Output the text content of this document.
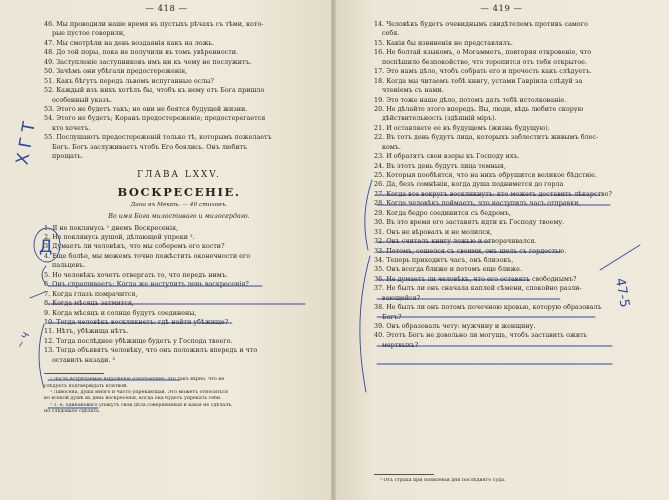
— 418 —
46. Мы проводили наше время въ пустыхъ рѣчахъ съ тѣми, кото-
рые пустое говорили,
47. Мы смотрѣли на день воздаянія какъ на ложь.
48. До той поры, пока не получили въ томъ увѣренности.
49. Заступленіе заступниковъ имъ ни къ чему не послужитъ.
50. Зачѣмъ они убѣгали предостереженія,
51. Какъ бѣгутъ передъ львомъ испуганные ослы?
52. Каждый изъ нихъ хотѣлъ бы, чтобъ къ нему отъ Бога пришло
особенный указъ.
53. Этого не будетъ такъ; но они не боятся будущей жизни.
54. Этого не будетъ; Коранъ предостереженіе; предостерегается
кто хочетъ.
55. Послушаютъ предостереженій только тѣ, которымъ пожелаетъ
Богъ. Богъ заслуживаетъ чтобъ Его боялись. Онъ любитъ
прощать.
ГЛАВА LXXV.
ВОСКРЕСЕНІЕ.
Дана въ Меккѣ. — 40 стиховъ.
Во имя Бога милостиваго и милосердаго.
1. Я не поклянусь ¹ днемъ Воскресенія,
2. Не поклянусь душой, дѣлающей упреки ².
3. Думаетъ ли человѣкъ, что мы соберемъ его кости?
4. Еще болѣе, мы можемъ точно пожѣстить оконечности его
пальцевъ.
5. Но человѣкъ хочетъ отвергать то, что передъ нимъ.
6. Онъ спрашиваетъ: Когда же наступитъ день воскресенія?
7. Когда глазъ помрачится,
8. Когда мѣсяцъ затмится,
9. Когда мѣсяцъ и солнце будутъ соединены,
10. Тогда человѣкъ воскликнетъ: гдѣ найти убѣжище?
11. Нѣтъ, убѣжища нѣтъ.
12. Тогда послѣднее убѣжище будетъ у Господа твоего.
13. Тогда объявятъ человѣку, что онъ положилъ впередъ и что
оставилъ назади. ³
¹ Часто встрѣчаемое выраженіе означающее: это такъ вѣрно, что не
слѣдуетъ подтверждать клятвой.
² Лавосена, душа много и часто упрекающая. Это можетъ относиться
ко всякой душѣ въ день воскресенія, когда она будетъ упрекать себя.
³ Т. е. одинаковаго упакутъ свои дѣла совершенныя и какія не сдѣлалъ,
но слѣдовало сдѣлать.
— 419 —
14. Человѣкъ будетъ очевиднымъ свидѣтелемъ противъ самого
себя.
15. Какія бы извиненія не представлялъ.
16. Не болтай языкомъ, о Могамметъ, повторяя откровеніе, что
поспѣшило безпокойство, что торопится отъ тебя открытое.
17. Это намъ дѣло, чтобъ собрать его и прочесть какъ слѣдуетъ.
18. Когда мы читаемъ тебѣ книгу, устами Гавріила слѣдуй за
чтеніемъ съ нами.
19. Это тоже наше дѣло, потомъ дать тебѣ истолкованіе.
20. Не дѣлайте этого впередъ. Вы, люди, вѣдь любите скорую
дѣйствительность (здѣшній міръ).
21. И оставляете ее въ будущемъ (жизнь будущую).
22. Въ тотъ день будутъ лица, которыхъ заблеститъ живымъ блес-
комъ.
23. И обратятъ свои взоры къ Господу ихъ.
24. Въ этотъ день будутъ лица темныя,
25. Которыя пообѣятся, что на нихъ обрушится великое бѣдствіе.
26. Да, безъ сомнѣнія, когда душа поднимется до горла
27. Когда все вокругъ воскликнутъ: кто можетъ доставить лѣкарство?
28. Когда человѣкъ поймаетъ, что наступилъ часъ отправки,
29. Когда бедро соединится съ бедромъ,
30. Въ это время его заставятъ идти къ Господу твоему.
31. Онъ не вѣровалъ и не молился,
32. Онъ считалъ книгу ложью и отворачивался.
33. Потомъ, сошелся съ своими, онъ шелъ съ гордостью.
34. Теперь приходитъ часъ, онъ близокъ,
35. Онъ всегда ближе и потомъ еще ближе.
36. Не думаетъ ли человѣкъ, что его оставятъ свободнымъ?
37. Не былъ ли онъ сначала каплей сѣмени, спокойно разли-
вающейся?
38. Не былъ ли онъ потомъ почечною кровью, которую образовалъ
Богъ?
39. Онъ образовалъ чету: мужчину и женщину.
40. Этотъ Богъ не довольно ли могущъ, чтобъ заставить ожить
мертвыхъ?
¹ Отъ страха при появленіи дня послѣдняго суда.
Х Г Т
Д
~ Ч
47-5
